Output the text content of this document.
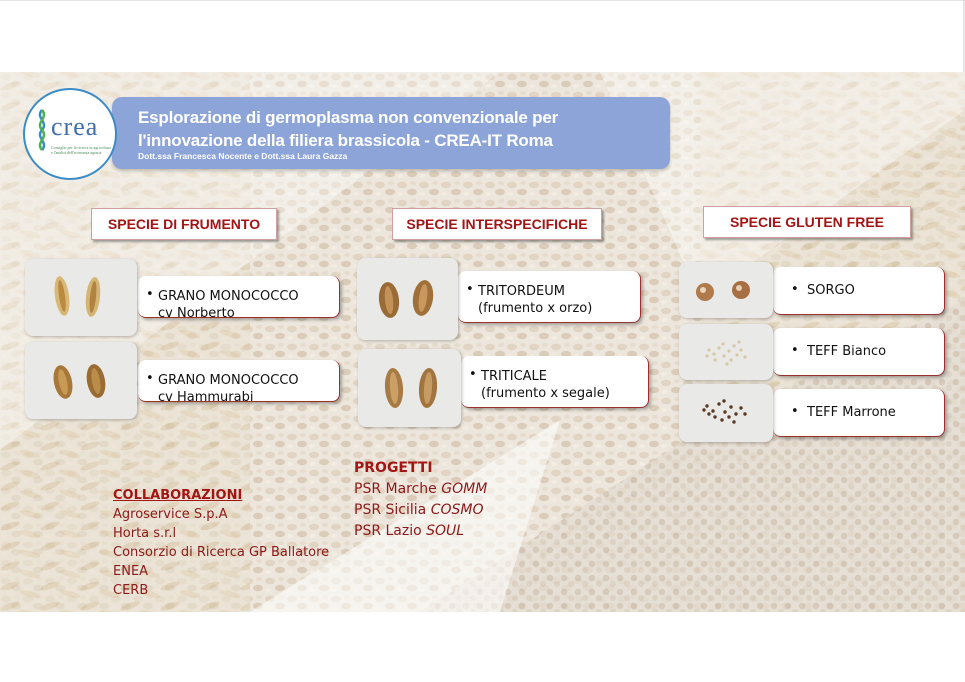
Esplorazione di germoplasma non convenzionale per
l'innovazione della filiera brassicola - CREA-IT Roma
Dott.ssa Francesca Nocente e Dott.ssa Laura Gazza
crea
Consiglio per la ricerca in agricoltura e l'analisi dell'economia agraria
SPECIE DI FRUMENTO	SPECIE INTERSPECIFICHE	SPECIE GLUTEN FREE
• GRANO MONOCOCCO
cv Norberto
• GRANO MONOCOCCO
cv Hammurabi
• TRITORDEUM
(frumento x orzo)
• TRITICALE
(frumento x segale)
• SORGO
• TEFF Bianco
• TEFF Marrone
COLLABORAZIONI
Agroservice S.p.A
Horta s.r.l
Consorzio di Ricerca GP Ballatore
ENEA
CERB
PROGETTI
PSR Marche GOMM
PSR Sicilia COSMO
PSR Lazio SOUL
